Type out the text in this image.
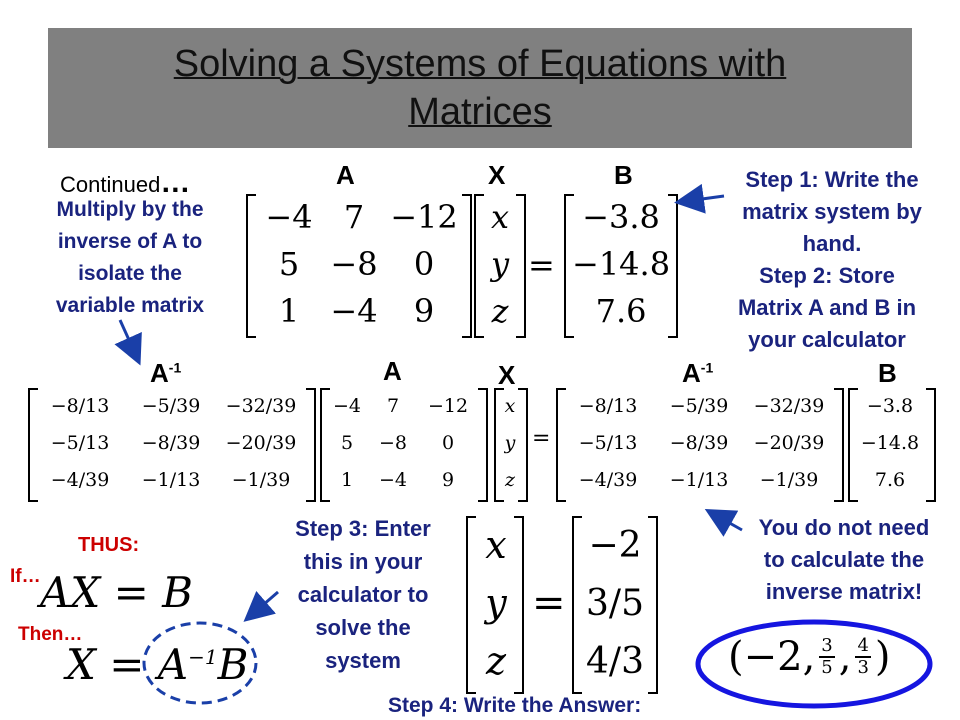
Solving a Systems of Equations with
Matrices
Continued…
Multiply by the
inverse of A to
isolate the
variable matrix
A	X	B
−4 7 −12
5 −8	0
1 −4	9
x
y
z
=
−3.8
−14.8
7.6
Step 1: Write the
matrix system by
hand.
Step 2: Store
Matrix A and B in
your calculator
$A^{-1}$	A	X	$A^{-1}$	B
−8/13	−5/39	−32/39
−5/13	−8/39	−20/39
−4/39	−1/13	−1/39
−4	7	−12
5	−8	0
1	−4	9
x
y
z
=
−8/13	−5/39	−32/39
−5/13	−8/39	−20/39
−4/39	−1/13	−1/39
−3.8
−14.8
7.6
THUS:
If…
Then…
AX = B
$X = A^{-1}B$
Step 3: Enter
this in your
calculator to
solve the
system
x
y
z
=
−2
3/5
4/3
You do not need
to calculate the
inverse matrix!
( −2 , $\frac{3}{5}$ , $\frac{4}{3}$ )
Step 4: Write the Answer:
